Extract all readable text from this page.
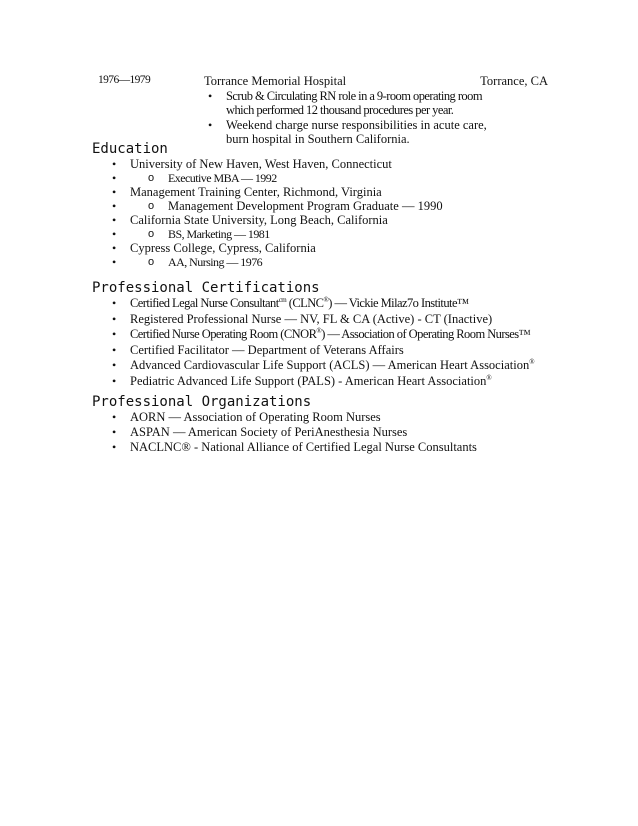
1976—1979	Torrance Memorial Hospital	Torrance, CA
• Scrub & Circulating RN role in a 9-room operating room which performed 12 thousand procedures per year.
• Weekend charge nurse responsibilities in acute care, burn hospital in Southern California.
Education
• University of New Haven, West Haven, Connecticut
• o Executive MBA — 1992
• Management Training Center, Richmond, Virginia
• o Management Development Program Graduate — 1990
• California State University, Long Beach, California
• o BS, Marketing — 1981
• Cypress College, Cypress, California
• o AA, Nursing — 1976
Professional Certifications
• Certified Legal Nurse Consultant$^{cm}$ (CLNC®) — Vickie Milaz7o Institute™
• Registered Professional Nurse — NV, FL & CA (Active) - CT (Inactive)
• Certified Nurse Operating Room (CNOR®) — Association of Operating Room Nurses™
• Certified Facilitator — Department of Veterans Affairs
• Advanced Cardiovascular Life Support (ACLS) — American Heart Association®
• Pediatric Advanced Life Support (PALS) - American Heart Association®
Professional Organizations
• AORN — Association of Operating Room Nurses
• ASPAN — American Society of PeriAnesthesia Nurses
• NACLNC® - National Alliance of Certified Legal Nurse Consultants
